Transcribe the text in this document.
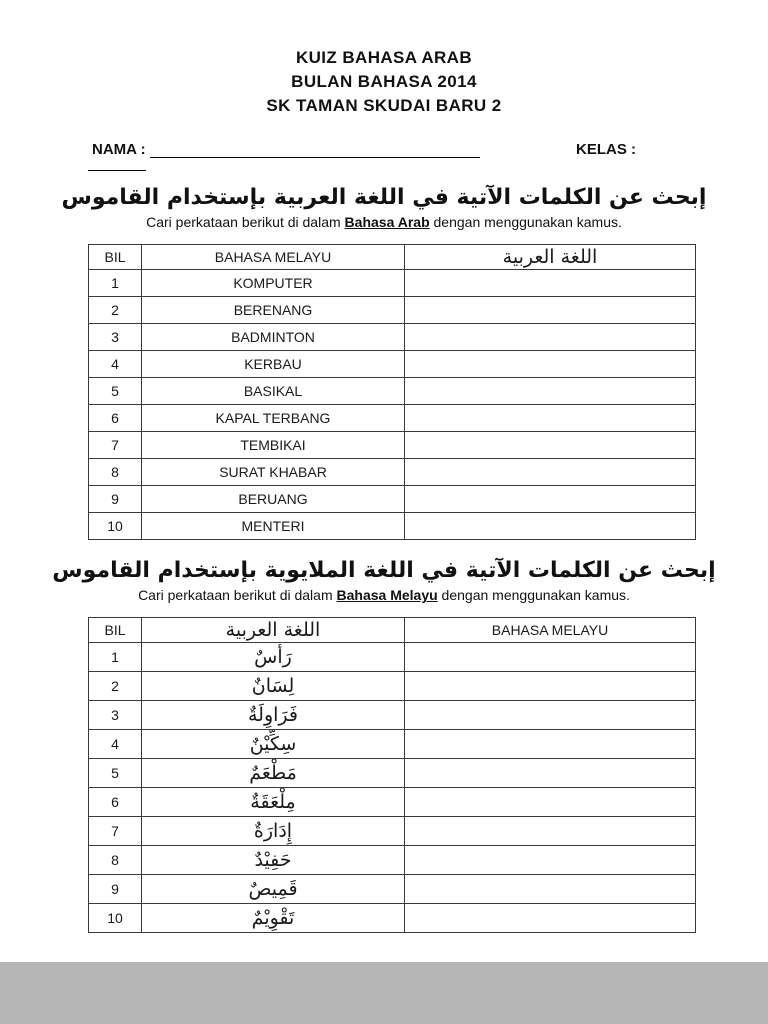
KUIZ BAHASA ARAB
BULAN BAHASA 2014
SK TAMAN SKUDAI BARU 2
NAMA :	KELAS :
إبحث عن الكلمات الآتية في اللغة العربية بإستخدام القاموس
Cari perkataan berikut di dalam Bahasa Arab dengan menggunakan kamus.
BIL	BAHASA MELAYU	اللغة العربية
1	KOMPUTER	
2	BERENANG	
3	BADMINTON	
4	KERBAU	
5	BASIKAL	
6	KAPAL TERBANG	
7	TEMBIKAI	
8	SURAT KHABAR	
9	BERUANG	
10	MENTERI	
إبحث عن الكلمات الآتية في اللغة الملايوية بإستخدام القاموس
Cari perkataan berikut di dalam Bahasa Melayu dengan menggunakan kamus.
BIL	اللغة العربية	BAHASA MELAYU
1	رَأْسٌ	
2	لِسَانٌ	
3	فَرَاوِلَةٌ	
4	سِكِّيْنٌ	
5	مَطْعَمٌ	
6	مِلْعَقَةٌ	
7	إِدَارَةٌ	
8	حَفِيْدٌ	
9	قَمِيصٌ	
10	تَقْوِيْمٌ	
